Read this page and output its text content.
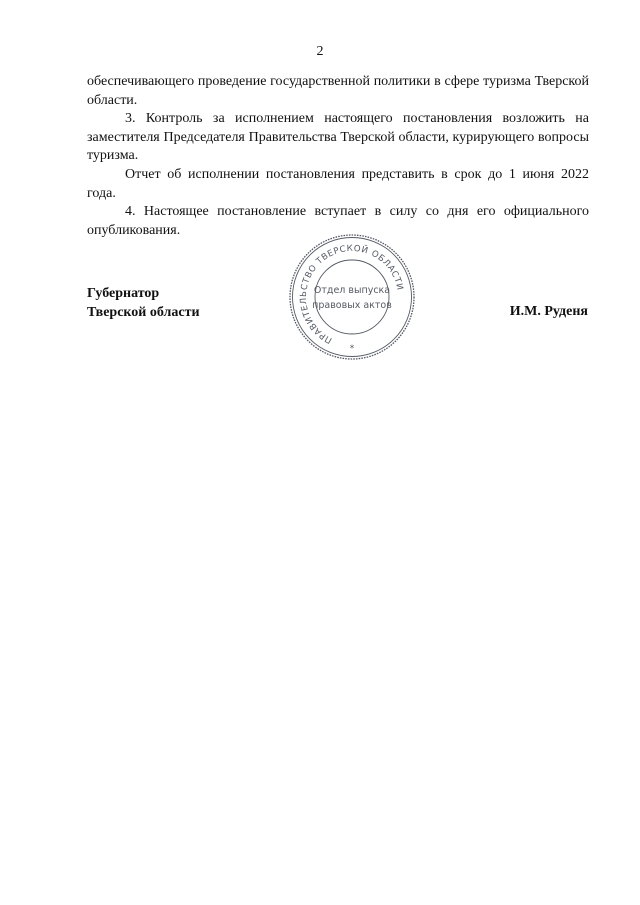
2

обеспечивающего проведение государственной политики в сфере туризма Тверской области.

3. Контроль за исполнением настоящего постановления возложить на заместителя Председателя Правительства Тверской области, курирующего вопросы туризма.

Отчет об исполнении постановления представить в срок до 1 июня 2022 года.

4. Настоящее постановление вступает в силу со дня его официального опубликования.

Губернатор
Тверской области	И.М. Руденя
ПРАВИТЕЛЬСТВО ТВЕРСКОЙ ОБЛАСТИ
Отдел выпуска
правовых актов
*
